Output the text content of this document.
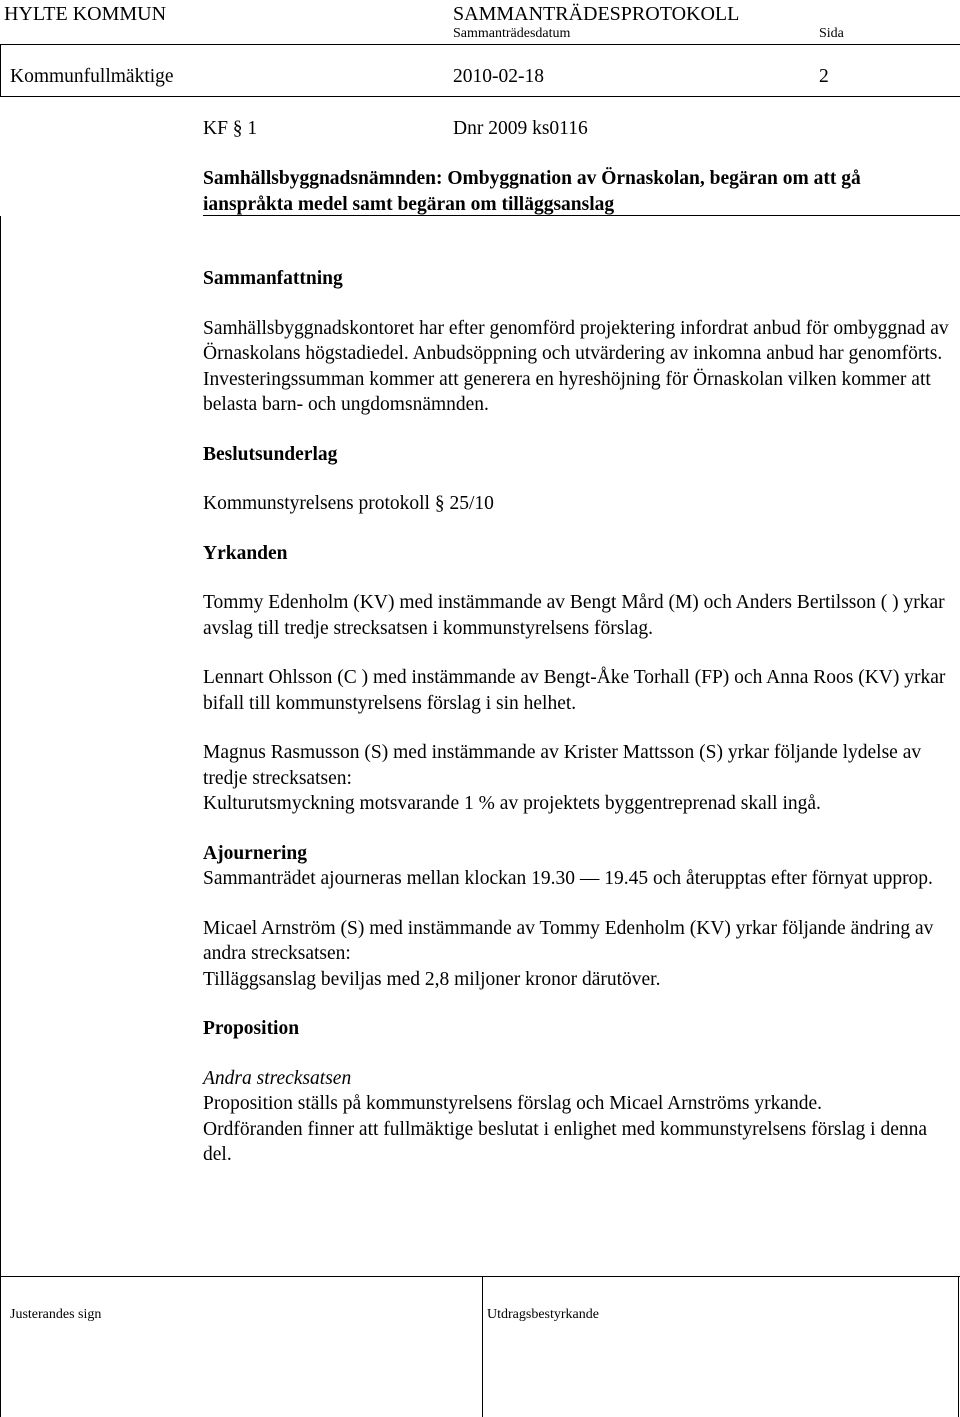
HYLTE KOMMUN	SAMMANTRÄDESPROTOKOLL
Sammanträdesdatum	Sida
Kommunfullmäktige	2010-02-18	2
KF § 1	Dnr 2009 ks0116
Samhällsbyggnadsnämnden: Ombyggnation av Örnaskolan, begäran om att gå ianspråkta medel samt begäran om tilläggsanslag

Sammanfattning

Samhällsbyggnadskontoret har efter genomförd projektering infordrat anbud för ombyggnad av Örnaskolans högstadiedel. Anbudsöppning och utvärdering av inkomna anbud har genomförts.

Investeringssumman kommer att generera en hyreshöjning för Örnaskolan vilken kommer att belasta barn- och ungdomsnämnden.

Beslutsunderlag

Kommunstyrelsens protokoll § 25/10

Yrkanden

Tommy Edenholm (KV) med instämmande av Bengt Mård (M) och Anders Bertilsson ( ) yrkar avslag till tredje strecksatsen i kommunstyrelsens förslag.

Lennart Ohlsson (C ) med instämmande av Bengt-Åke Torhall (FP) och Anna Roos (KV) yrkar bifall till kommunstyrelsens förslag i sin helhet.

Magnus Rasmusson (S) med instämmande av Krister Mattsson (S) yrkar följande lydelse av tredje strecksatsen:

Kulturutsmyckning motsvarande 1 % av projektets byggentreprenad skall ingå.

Ajournering

Sammanträdet ajourneras mellan klockan 19.30 — 19.45 och återupptas efter förnyat upprop.

Micael Arnström (S) med instämmande av Tommy Edenholm (KV) yrkar följande ändring av andra strecksatsen:

Tilläggsanslag beviljas med 2,8 miljoner kronor därutöver.

Proposition

Andra strecksatsen

Proposition ställs på kommunstyrelsens förslag och Micael Arnströms yrkande.

Ordföranden finner att fullmäktige beslutat i enlighet med kommunstyrelsens förslag i denna del.

Justerandes sign	Utdragsbestyrkande
